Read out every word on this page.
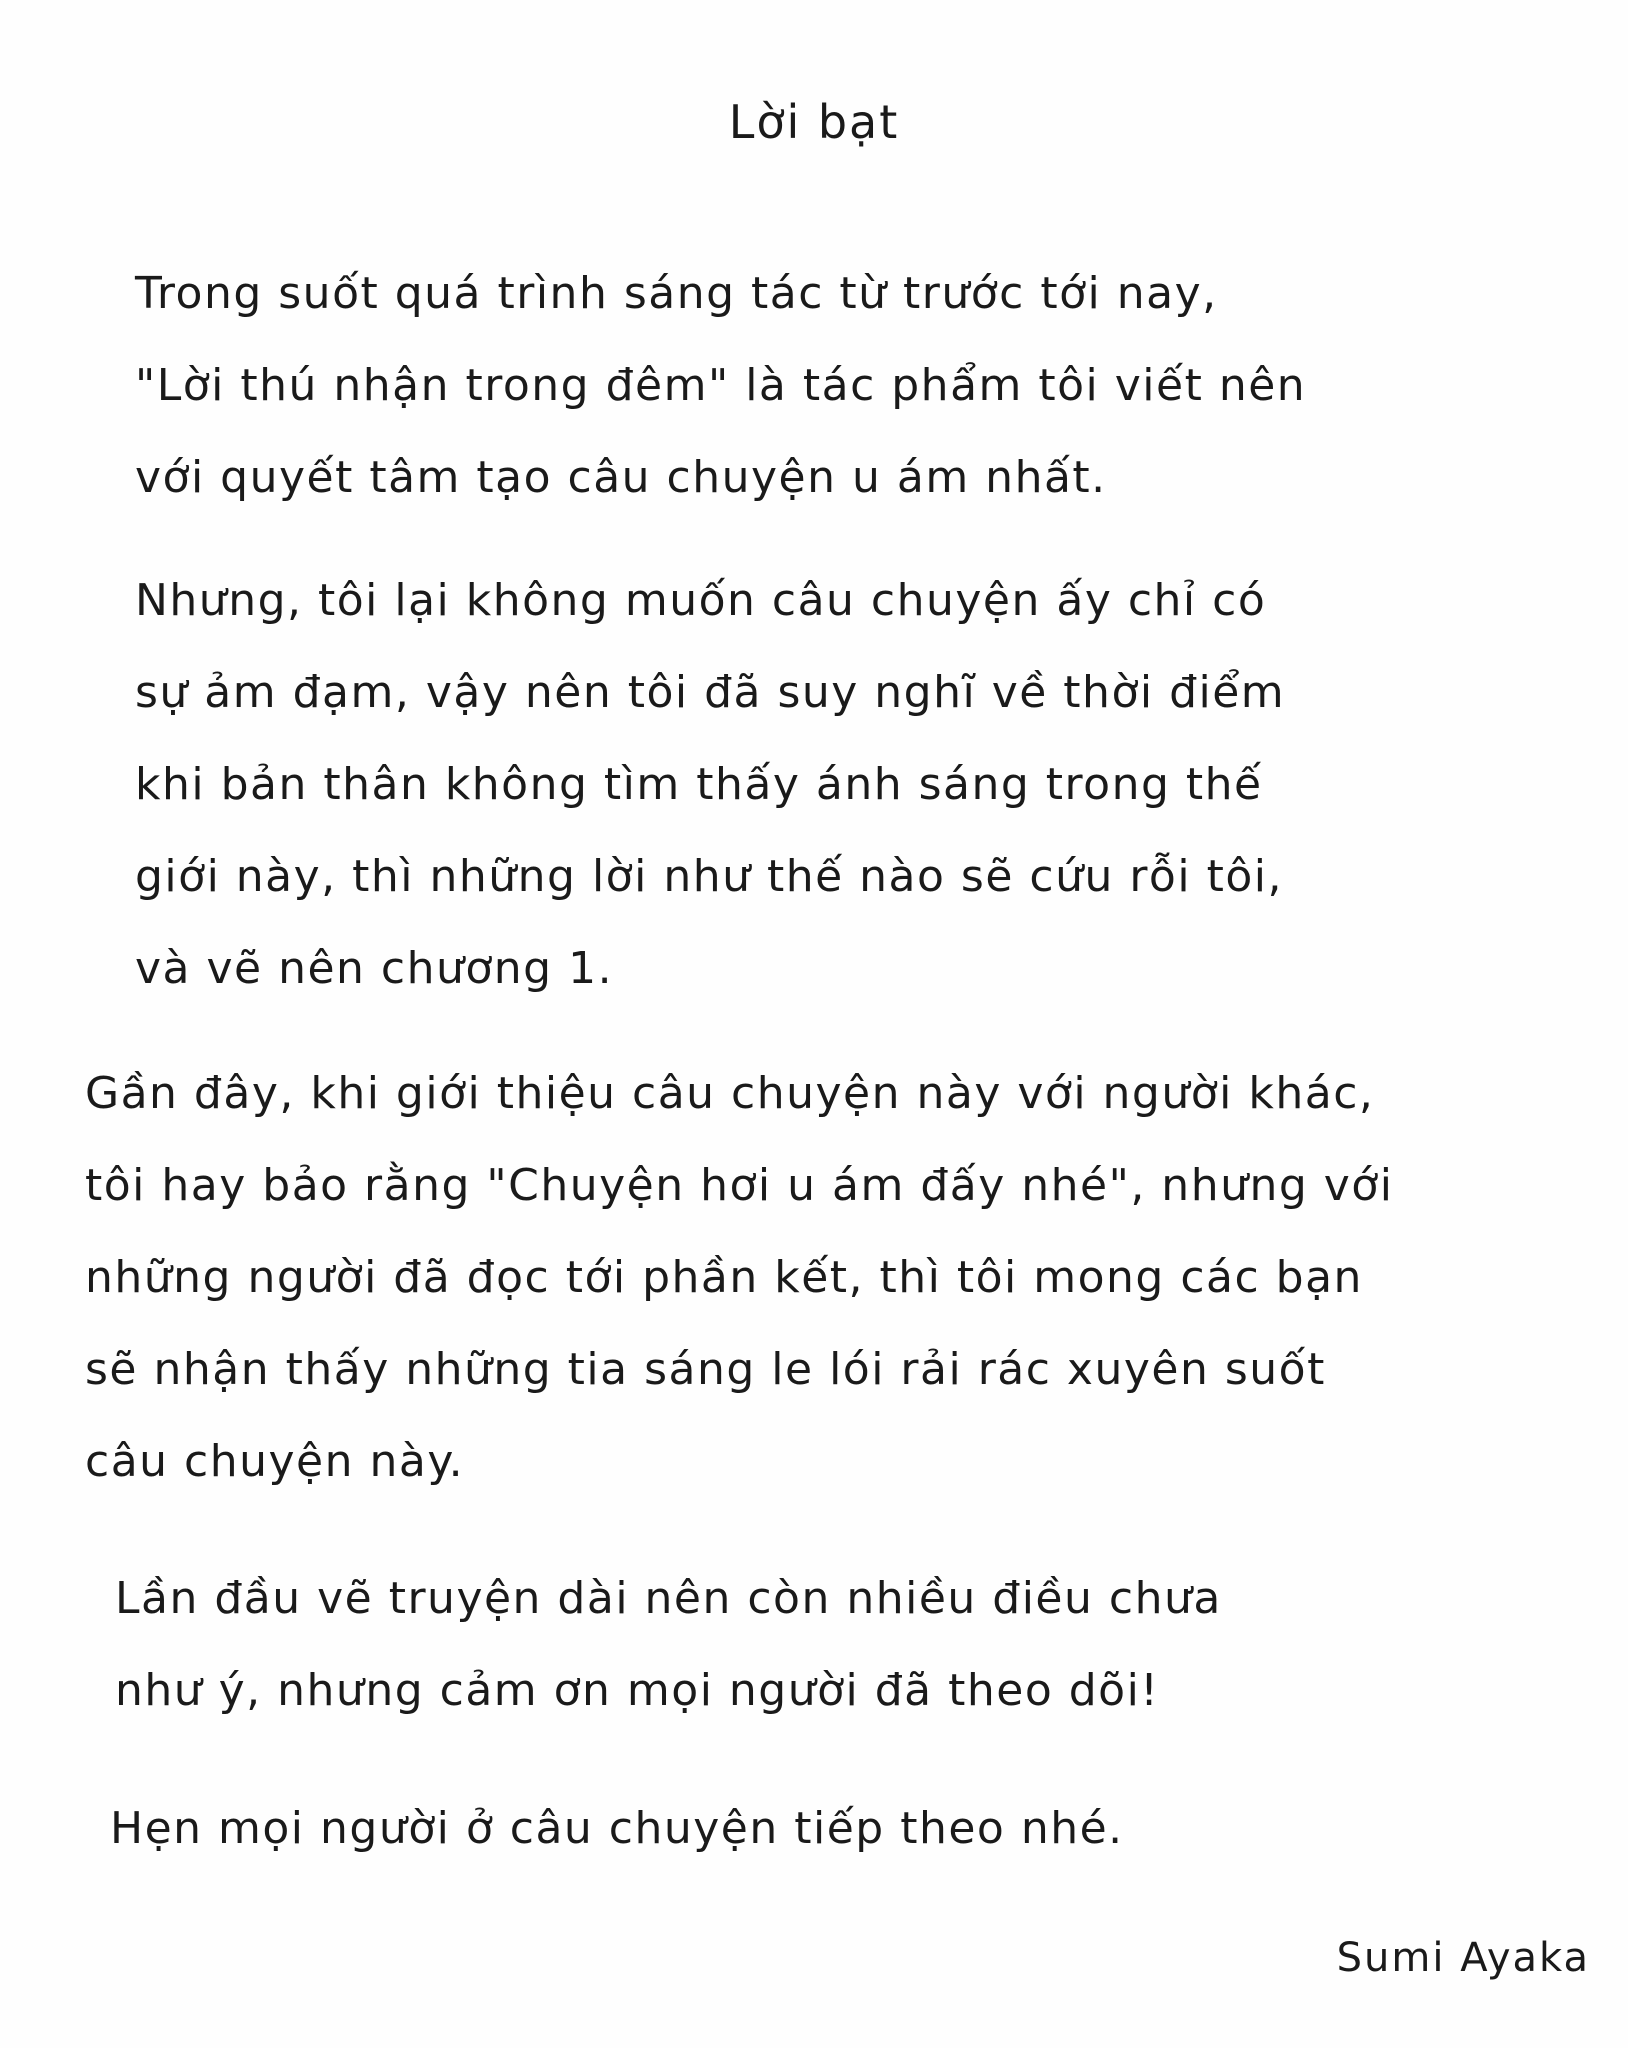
Lời bạt
Trong suốt quá trình sáng tác từ trước tới nay,
"Lời thú nhận trong đêm" là tác phẩm tôi viết nên
với quyết tâm tạo câu chuyện u ám nhất.
Nhưng, tôi lại không muốn câu chuyện ấy chỉ có
sự ảm đạm, vậy nên tôi đã suy nghĩ về thời điểm
khi bản thân không tìm thấy ánh sáng trong thế
giới này, thì những lời như thế nào sẽ cứu rỗi tôi,
và vẽ nên chương 1.
Gần đây, khi giới thiệu câu chuyện này với người khác,
tôi hay bảo rằng "Chuyện hơi u ám đấy nhé", nhưng với
những người đã đọc tới phần kết, thì tôi mong các bạn
sẽ nhận thấy những tia sáng le lói rải rác xuyên suốt
câu chuyện này.
Lần đầu vẽ truyện dài nên còn nhiều điều chưa
như ý, nhưng cảm ơn mọi người đã theo dõi!
Hẹn mọi người ở câu chuyện tiếp theo nhé.

Sumi Ayaka
